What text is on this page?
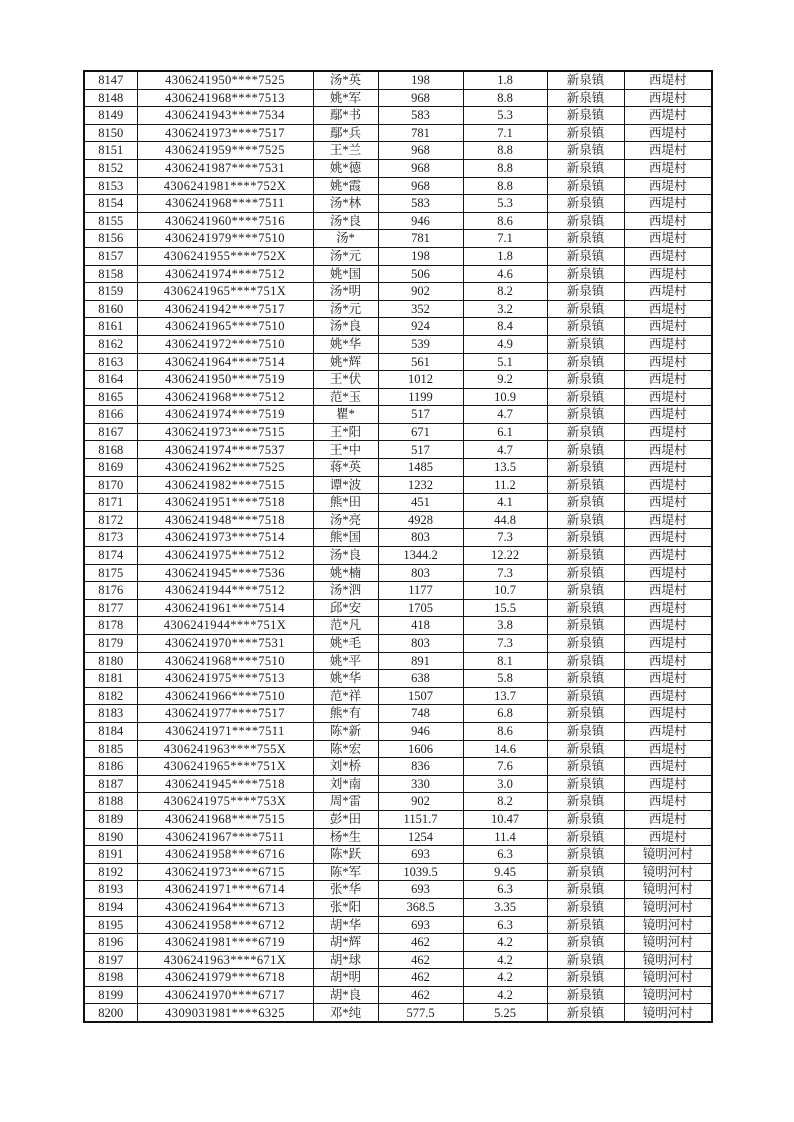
8147	4306241950****7525	汤*英	198	1.8	新泉镇	西堤村
8148	4306241968****7513	姚*军	968	8.8	新泉镇	西堤村
8149	4306241943****7534	鄢*书	583	5.3	新泉镇	西堤村
8150	4306241973****7517	鄢*兵	781	7.1	新泉镇	西堤村
8151	4306241959****7525	王*兰	968	8.8	新泉镇	西堤村
8152	4306241987****7531	姚*德	968	8.8	新泉镇	西堤村
8153	4306241981****752X	姚*霞	968	8.8	新泉镇	西堤村
8154	4306241968****7511	汤*林	583	5.3	新泉镇	西堤村
8155	4306241960****7516	汤*良	946	8.6	新泉镇	西堤村
8156	4306241979****7510	汤*	781	7.1	新泉镇	西堤村
8157	4306241955****752X	汤*元	198	1.8	新泉镇	西堤村
8158	4306241974****7512	姚*国	506	4.6	新泉镇	西堤村
8159	4306241965****751X	汤*明	902	8.2	新泉镇	西堤村
8160	4306241942****7517	汤*元	352	3.2	新泉镇	西堤村
8161	4306241965****7510	汤*良	924	8.4	新泉镇	西堤村
8162	4306241972****7510	姚*华	539	4.9	新泉镇	西堤村
8163	4306241964****7514	姚*辉	561	5.1	新泉镇	西堤村
8164	4306241950****7519	王*伏	1012	9.2	新泉镇	西堤村
8165	4306241968****7512	范*玉	1199	10.9	新泉镇	西堤村
8166	4306241974****7519	瞿*	517	4.7	新泉镇	西堤村
8167	4306241973****7515	王*阳	671	6.1	新泉镇	西堤村
8168	4306241974****7537	王*中	517	4.7	新泉镇	西堤村
8169	4306241962****7525	蒋*英	1485	13.5	新泉镇	西堤村
8170	4306241982****7515	谭*波	1232	11.2	新泉镇	西堤村
8171	4306241951****7518	熊*田	451	4.1	新泉镇	西堤村
8172	4306241948****7518	汤*亮	4928	44.8	新泉镇	西堤村
8173	4306241973****7514	熊*国	803	7.3	新泉镇	西堤村
8174	4306241975****7512	汤*良	1344.2	12.22	新泉镇	西堤村
8175	4306241945****7536	姚*楠	803	7.3	新泉镇	西堤村
8176	4306241944****7512	汤*泗	1177	10.7	新泉镇	西堤村
8177	4306241961****7514	邱*安	1705	15.5	新泉镇	西堤村
8178	4306241944****751X	范*凡	418	3.8	新泉镇	西堤村
8179	4306241970****7531	姚*毛	803	7.3	新泉镇	西堤村
8180	4306241968****7510	姚*平	891	8.1	新泉镇	西堤村
8181	4306241975****7513	姚*华	638	5.8	新泉镇	西堤村
8182	4306241966****7510	范*祥	1507	13.7	新泉镇	西堤村
8183	4306241977****7517	熊*有	748	6.8	新泉镇	西堤村
8184	4306241971****7511	陈*新	946	8.6	新泉镇	西堤村
8185	4306241963****755X	陈*宏	1606	14.6	新泉镇	西堤村
8186	4306241965****751X	刘*桥	836	7.6	新泉镇	西堤村
8187	4306241945****7518	刘*南	330	3.0	新泉镇	西堤村
8188	4306241975****753X	周*雷	902	8.2	新泉镇	西堤村
8189	4306241968****7515	彭*田	1151.7	10.47	新泉镇	西堤村
8190	4306241967****7511	杨*生	1254	11.4	新泉镇	西堤村
8191	4306241958****6716	陈*跃	693	6.3	新泉镇	镜明河村
8192	4306241973****6715	陈*军	1039.5	9.45	新泉镇	镜明河村
8193	4306241971****6714	张*华	693	6.3	新泉镇	镜明河村
8194	4306241964****6713	张*阳	368.5	3.35	新泉镇	镜明河村
8195	4306241958****6712	胡*华	693	6.3	新泉镇	镜明河村
8196	4306241981****6719	胡*辉	462	4.2	新泉镇	镜明河村
8197	4306241963****671X	胡*球	462	4.2	新泉镇	镜明河村
8198	4306241979****6718	胡*明	462	4.2	新泉镇	镜明河村
8199	4306241970****6717	胡*良	462	4.2	新泉镇	镜明河村
8200	4309031981****6325	邓*纯	577.5	5.25	新泉镇	镜明河村
